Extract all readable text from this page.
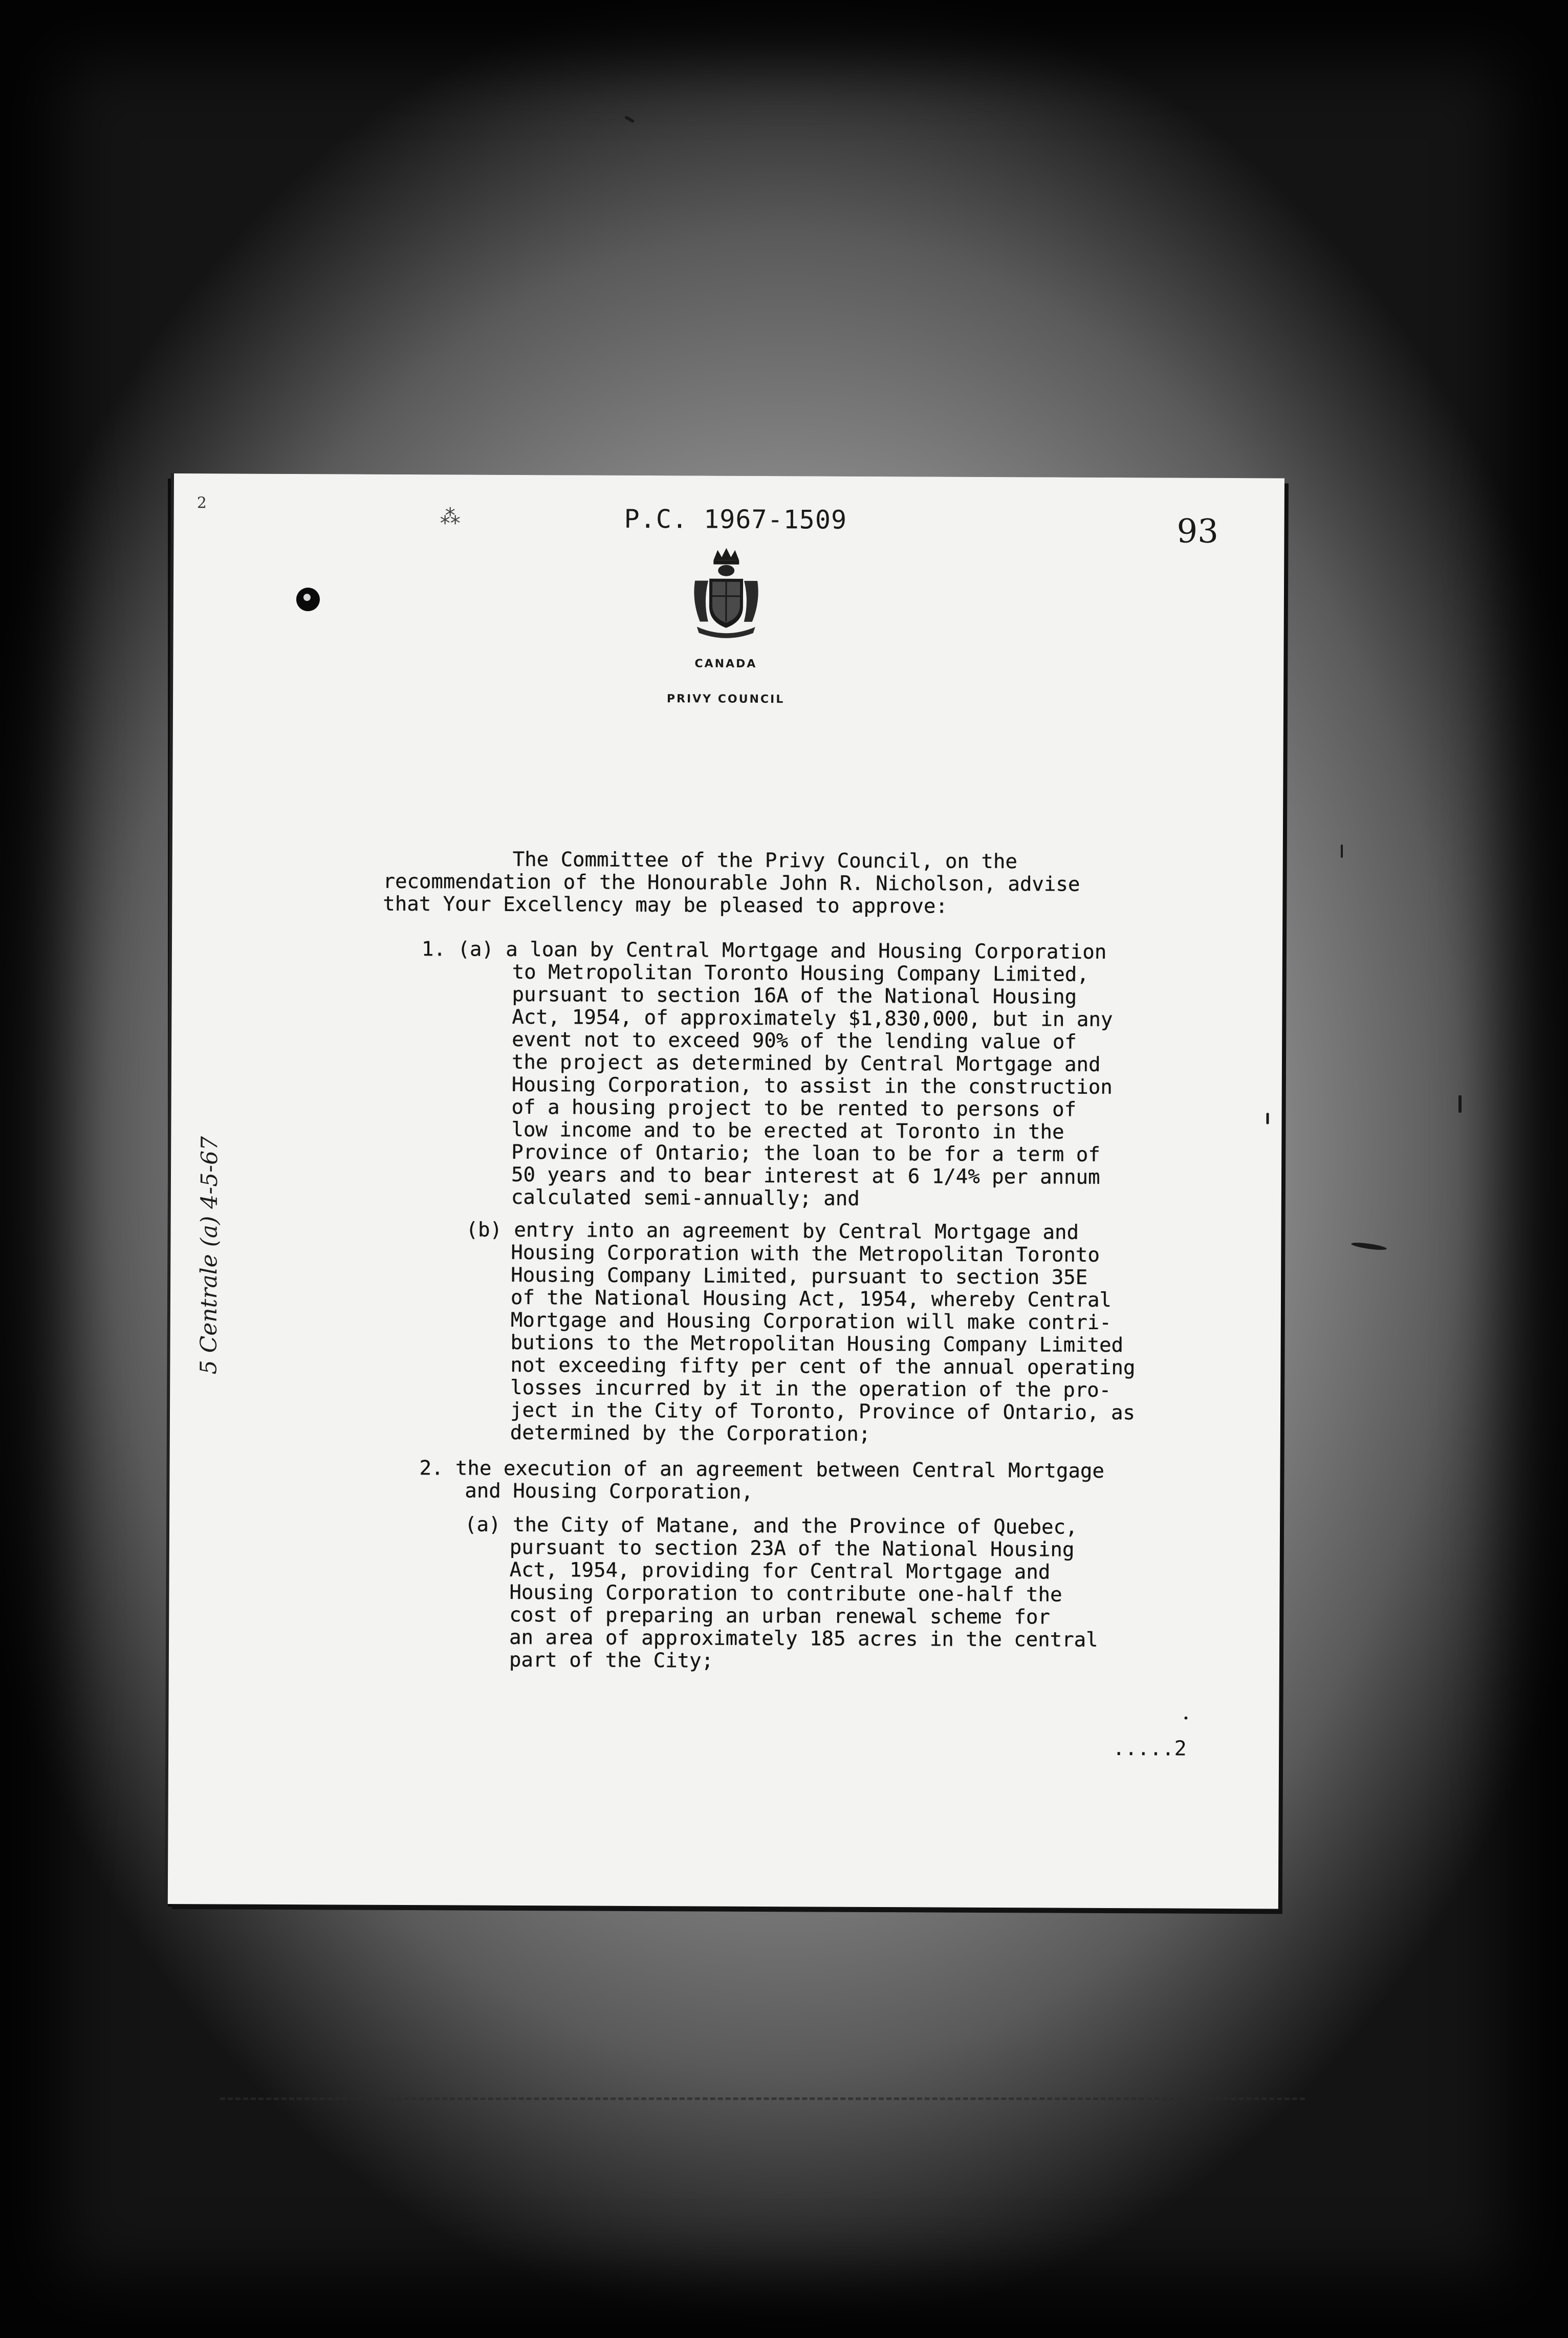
2
⁂	P.C. 1967-1509	93
CANADA
PRIVY COUNCIL
5 Centrale (a) 4-5-67
The Committee of the Privy Council, on the
recommendation of the Honourable John R. Nicholson, advise
that Your Excellency may be pleased to approve:
1. (a) a loan by Central Mortgage and Housing Corporation
to Metropolitan Toronto Housing Company Limited,
pursuant to section 16A of the National Housing
Act, 1954, of approximately $1,830,000, but in any
event not to exceed 90% of the lending value of
the project as determined by Central Mortgage and
Housing Corporation, to assist in the construction
of a housing project to be rented to persons of
low income and to be erected at Toronto in the
Province of Ontario; the loan to be for a term of
50 years and to bear interest at 6 1/4% per annum
calculated semi-annually; and
(b) entry into an agreement by Central Mortgage and
Housing Corporation with the Metropolitan Toronto
Housing Company Limited, pursuant to section 35E
of the National Housing Act, 1954, whereby Central
Mortgage and Housing Corporation will make contri-
butions to the Metropolitan Housing Company Limited
not exceeding fifty per cent of the annual operating
losses incurred by it in the operation of the pro-
ject in the City of Toronto, Province of Ontario, as
determined by the Corporation;
2. the execution of an agreement between Central Mortgage
and Housing Corporation,
(a) the City of Matane, and the Province of Quebec,
pursuant to section 23A of the National Housing
Act, 1954, providing for Central Mortgage and
Housing Corporation to contribute one-half the
cost of preparing an urban renewal scheme for
an area of approximately 185 acres in the central
part of the City;
.....2
